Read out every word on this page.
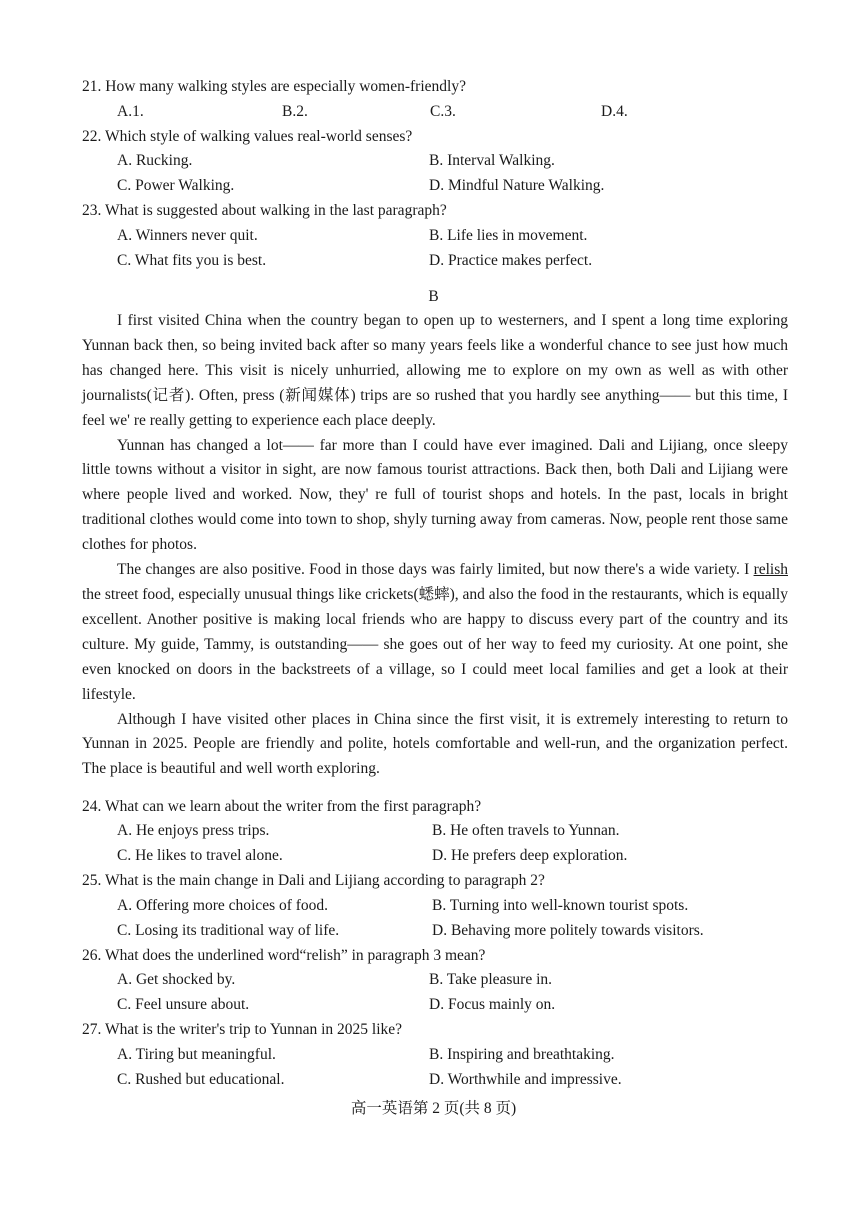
21. How many walking styles are especially women-friendly?
A.1.	B.2.	C.3.	D.4.
22. Which style of walking values real-world senses?
A. Rucking.	B. Interval Walking.
C. Power Walking.	D. Mindful Nature Walking.
23. What is suggested about walking in the last paragraph?
A. Winners never quit.	B. Life lies in movement.
C. What fits you is best.	D. Practice makes perfect.
B

I first visited China when the country began to open up to westerners, and I spent a long time exploring Yunnan back then, so being invited back after so many years feels like a wonderful chance to see just how much has changed here. This visit is nicely unhurried, allowing me to explore on my own as well as with other journalists(记者). Often, press (新闻媒体) trips are so rushed that you hardly see anything—— but this time, I feel we' re really getting to experience each place deeply.

Yunnan has changed a lot—— far more than I could have ever imagined. Dali and Lijiang, once sleepy little towns without a visitor in sight, are now famous tourist attractions. Back then, both Dali and Lijiang were where people lived and worked. Now, they' re full of tourist shops and hotels. In the past, locals in bright traditional clothes would come into town to shop, shyly turning away from cameras. Now, people rent those same clothes for photos.

The changes are also positive. Food in those days was fairly limited, but now there's a wide variety. I relish the street food, especially unusual things like crickets(蟋蟀), and also the food in the restaurants, which is equally excellent. Another positive is making local friends who are happy to discuss every part of the country and its culture. My guide, Tammy, is outstanding—— she goes out of her way to feed my curiosity. At one point, she even knocked on doors in the backstreets of a village, so I could meet local families and get a look at their lifestyle.

Although I have visited other places in China since the first visit, it is extremely interesting to return to Yunnan in 2025. People are friendly and polite, hotels comfortable and well-run, and the organization perfect. The place is beautiful and well worth exploring.

24. What can we learn about the writer from the first paragraph?
A. He enjoys press trips.	B. He often travels to Yunnan.
C. He likes to travel alone.	D. He prefers deep exploration.
25. What is the main change in Dali and Lijiang according to paragraph 2?
A. Offering more choices of food.	B. Turning into well-known tourist spots.
C. Losing its traditional way of life.	D. Behaving more politely towards visitors.
26. What does the underlined word“relish” in paragraph 3 mean?
A. Get shocked by.	B. Take pleasure in.
C. Feel unsure about.	D. Focus mainly on.
27. What is the writer's trip to Yunnan in 2025 like?
A. Tiring but meaningful.	B. Inspiring and breathtaking.
C. Rushed but educational.	D. Worthwhile and impressive.
高一英语第 2 页(共 8 页)
